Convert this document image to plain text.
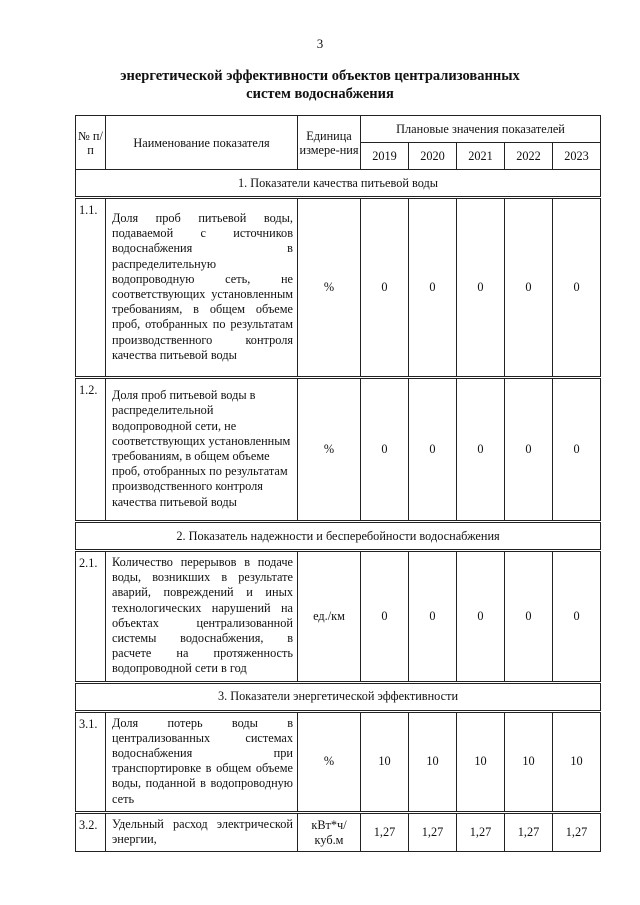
3
энергетической эффективности объектов централизованных
систем водоснабжения
№ п/п	Наименование показателя	Единица измере-ния	Плановые значения показателей				
			2019	2020	2021	2022	2023
1. Показатели качества питьевой воды							
1.1.	Доля проб питьевой воды, подаваемой с источников водоснабжения в распределительную водопроводную сеть, не соответствующих установленным требованиям, в общем объеме проб, отобранных по результатам производственного контроля качества питьевой воды	%	0	0	0	0	0
1.2.	Доля проб питьевой воды в распределительной водопроводной сети, не соответствующих установленным требованиям, в общем объеме проб, отобранных по результатам производственного контроля качества питьевой воды	%	0	0	0	0	0
2. Показатель надежности и бесперебойности водоснабжения							
2.1.	Количество перерывов в подаче воды, возникших в результате аварий, повреждений и иных технологических нарушений на объектах централизованной системы водоснабжения, в расчете на протяженность водопроводной сети в год	ед./км	0	0	0	0	0
3. Показатели энергетической эффективности							
3.1.	Доля потерь воды в централизованных системах водоснабжения при транспортировке в общем объеме воды, поданной в водопроводную сеть	%	10	10	10	10	10
3.2.	Удельный расход электрической энергии,	кВт*ч/ куб.м	1,27	1,27	1,27	1,27	1,27
